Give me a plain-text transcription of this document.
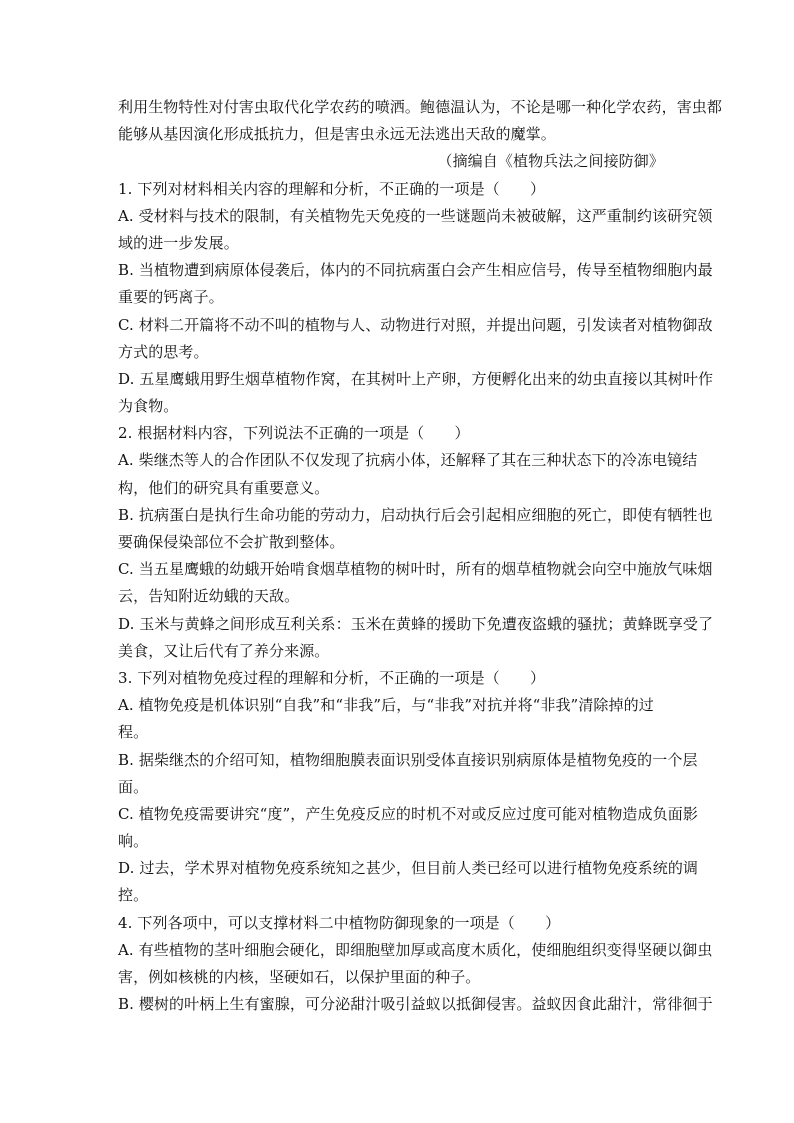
利用生物特性对付害虫取代化学农药的喷洒。鲍德温认为，不论是哪一种化学农药，害虫都
能够从基因演化形成抵抗力，但是害虫永远无法逃出天敌的魔掌。
（摘编自《植物兵法之间接防御》
1. 下列对材料相关内容的理解和分析，不正确的一项是（　　）
A. 受材料与技术的限制，有关植物先天免疫的一些谜题尚未被破解，这严重制约该研究领
域的进一步发展。
B. 当植物遭到病原体侵袭后，体内的不同抗病蛋白会产生相应信号，传导至植物细胞内最
重要的钙离子。
C. 材料二开篇将不动不叫的植物与人、动物进行对照，并提出问题，引发读者对植物御敌
方式的思考。
D. 五星鹰蛾用野生烟草植物作窝，在其树叶上产卵，方便孵化出来的幼虫直接以其树叶作
为食物。
2. 根据材料内容，下列说法不正确的一项是（　　）
A. 柴继杰等人的合作团队不仅发现了抗病小体，还解释了其在三种状态下的冷冻电镜结
构，他们的研究具有重要意义。
B. 抗病蛋白是执行生命功能的劳动力，启动执行后会引起相应细胞的死亡，即使有牺牲也
要确保侵染部位不会扩散到整体。
C. 当五星鹰蛾的幼蛾开始啃食烟草植物的树叶时，所有的烟草植物就会向空中施放气味烟
云，告知附近幼蛾的天敌。
D. 玉米与黄蜂之间形成互利关系：玉米在黄蜂的援助下免遭夜盗蛾的骚扰；黄蜂既享受了
美食，又让后代有了养分来源。
3. 下列对植物免疫过程的理解和分析，不正确的一项是（　　）
A. 植物免疫是机体识别“自我”和“非我”后，与“非我”对抗并将“非我”清除掉的过
程。
B. 据柴继杰的介绍可知，植物细胞膜表面识别受体直接识别病原体是植物免疫的一个层
面。
C. 植物免疫需要讲究“度”，产生免疫反应的时机不对或反应过度可能对植物造成负面影
响。
D. 过去，学术界对植物免疫系统知之甚少，但目前人类已经可以进行植物免疫系统的调
控。
4. 下列各项中，可以支撑材料二中植物防御现象的一项是（　　）
A. 有些植物的茎叶细胞会硬化，即细胞壁加厚或高度木质化，使细胞组织变得坚硬以御虫
害，例如核桃的内核，坚硬如石，以保护里面的种子。
B. 樱树的叶柄上生有蜜腺，可分泌甜汁吸引益蚁以抵御侵害。益蚁因食此甜汁，常徘徊于
